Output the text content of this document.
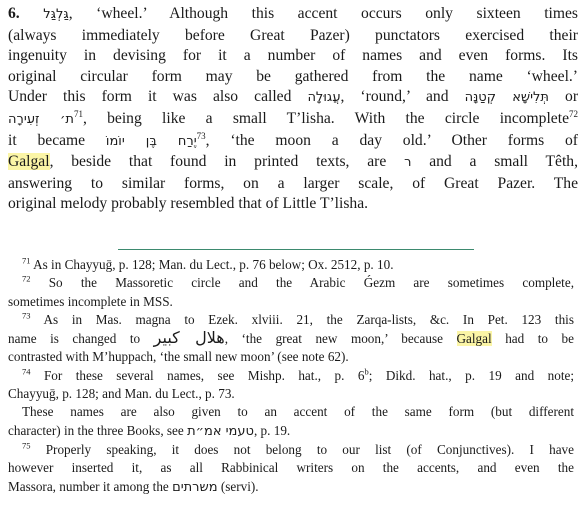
6. גַּלְגַּל, ‘wheel.’ Although this accent occurs only sixteen times
(always immediately before Great Pazer) punctators exercised their
ingenuity in devising for it a number of names and even forms. Its
original circular form may be gathered from the name ‘wheel.’
Under this form it was also called עֲגוּלָה, ‘round,’ and תְּלִישָׁא קְטַנָּה or
ת׳ זְעִירָה$^{71}$, being like a small T’lisha. With the circle incomplete$^{72}$
it became יֶרַח בֶּן יוֹמוֹ$^{73}$, ‘the moon a day old.’ Other forms of
Galgal, beside that found in printed texts, are ר and a small Têth,
answering to similar forms, on a larger scale, of Great Pazer. The
original melody probably resembled that of Little T’lisha.
$^{71}$ As in Chayyuḡ, p. 128; Man. du Lect., p. 76 below; Ox. 2512, p. 10.
$^{72}$ So the Massoretic circle and the Arabic Ǵezm are sometimes complete,
sometimes incomplete in MSS.
$^{73}$ As in Mas. magna to Ezek. xlviii. 21, the Zarqa-lists, &c. In Pet. 123 this
name is changed to هلال كبير, ‘the great new moon,’ because Galgal had to be
contrasted with M’huppach, ‘the small new moon’ (see note 62).
$^{74}$ For these several names, see Mishp. hat., p. 6$^b$; Dikd. hat., p. 19 and note;
Chayyuḡ, p. 128; and Man. du Lect., p. 73.
These names are also given to an accent of the same form (but different
character) in the three Books, see טעמי אמ״ת, p. 19.
$^{75}$ Properly speaking, it does not belong to our list (of Conjunctives). I have
however inserted it, as all Rabbinical writers on the accents, and even the
Massora, number it among the משרתים (servi).
